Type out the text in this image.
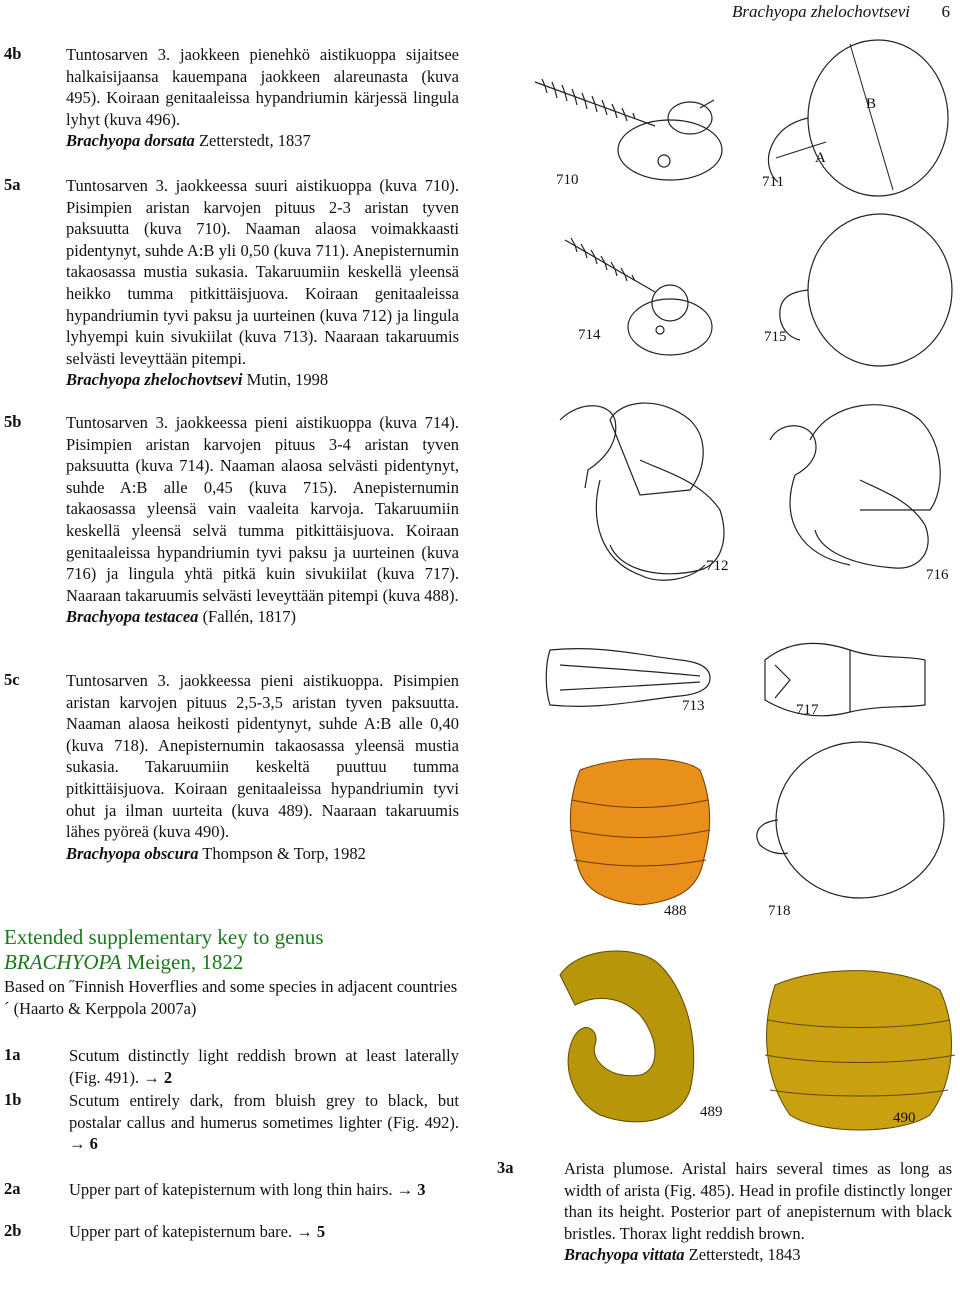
Brachyopa zhelochovtsevi 6
4b	Tuntosarven 3. jaokkeen pienehkö aistikuoppa sijaitsee halkaisijaansa kauempana jaokkeen alareunasta (kuva 495). Koiraan genitaaleissa hypandriumin kärjessä lingula lyhyt (kuva 496).
Brachyopa dorsata Zetterstedt, 1837
5a	Tuntosarven 3. jaokkeessa suuri aistikuoppa (kuva 710). Pisimpien aristan karvojen pituus 2-3 aristan tyven paksuutta (kuva 710). Naaman alaosa voimakkaasti pidentynyt, suhde A:B yli 0,50 (kuva 711). Anepisternumin takaosassa mustia sukasia. Takaruumiin keskellä yleensä heikko tumma pitkittäisjuova. Koiraan genitaaleissa hypandriumin tyvi paksu ja uurteinen (kuva 712) ja lingula lyhyempi kuin sivukiilat (kuva 713). Naaraan takaruumis selvästi leveyttään pitempi.
Brachyopa zhelochovtsevi Mutin, 1998
5b	Tuntosarven 3. jaokkeessa pieni aistikuoppa (kuva 714). Pisimpien aristan karvojen pituus 3-4 aristan tyven paksuutta (kuva 714). Naaman alaosa selvästi pidentynyt, suhde A:B alle 0,45 (kuva 715). Anepisternumin takaosassa yleensä vain vaaleita karvoja. Takaruumiin keskellä yleensä selvä tumma pitkittäisjuova. Koiraan genitaaleissa hypandriumin tyvi paksu ja uurteinen (kuva 716) ja lingula yhtä pitkä kuin sivukiilat (kuva 717). Naaraan takaruumis selvästi leveyttään pitempi (kuva 488).
Brachyopa testacea (Fallén, 1817)
5c	Tuntosarven 3. jaokkeessa pieni aistikuoppa. Pisimpien aristan karvojen pituus 2,5-3,5 aristan tyven paksuutta. Naaman alaosa heikosti pidentynyt, suhde A:B alle 0,40 (kuva 718). Anepisternumin takaosassa yleensä mustia sukasia. Takaruumiin keskeltä puuttuu tumma pitkittäisjuova. Koiraan genitaaleissa hypandriumin tyvi ohut ja ilman uurteita (kuva 489). Naaraan takaruumis lähes pyöreä (kuva 490).
Brachyopa obscura Thompson & Torp, 1982
Extended supplementary key to genus
BRACHYOPA Meigen, 1822
Based on ˝Finnish Hoverflies and some species in adjacent countries´ (Haarto & Kerppola 2007a)
1a	Scutum distinctly light reddish brown at least laterally (Fig. 491). → 2
1b	Scutum entirely dark, from bluish grey to black, but postalar callus and humerus sometimes lighter (Fig. 492). → 6
2a	Upper part of katepisternum with long thin hairs. → 3
2b	Upper part of katepisternum bare. → 5
3a	Arista plumose. Aristal hairs several times as long as width of arista (Fig. 485). Head in profile distinctly longer than its height. Posterior part of anepisternum with black bristles. Thorax light reddish brown.
Brachyopa vittata Zetterstedt, 1843
710	711
A
B
714	715
712
716
713	717
488	718
489	490
